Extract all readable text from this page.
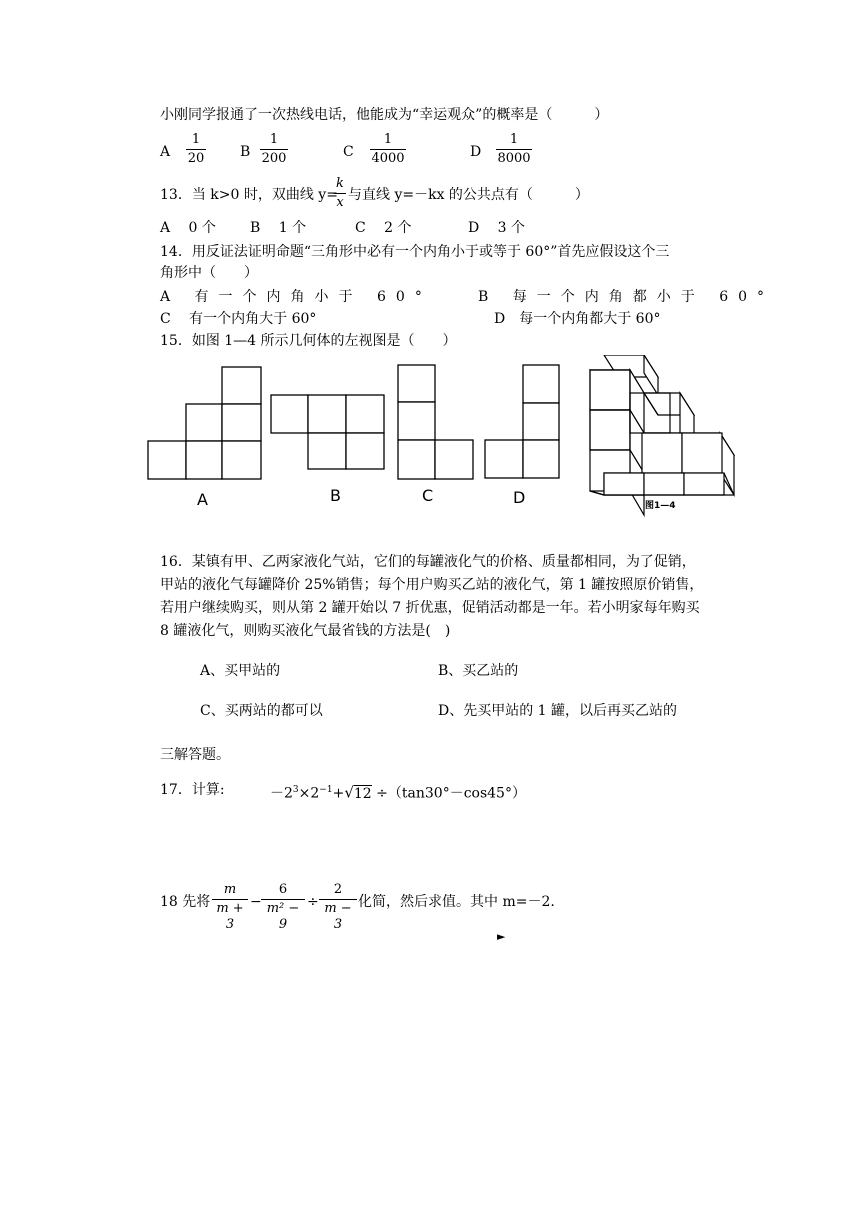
小刚同学报通了一次热线电话，他能成为“幸运观众”的概率是（　　　）
A
1
20	B
1
200	C
1
4000	D
1
8000
13．当 k>0 时，双曲线 y=
k
x 与直线 y=－kx 的公共点有（　　　）
A　 0 个 B　 1 个	C　 2 个	D　 3 个
14．用反证法证明命题“三角形中必有一个内角小于或等于 60°”首先应假设这个三
角形中（　　）
A 有一个内角小于 60°	B 每一个内角都小于 60°
C　 有一个内角大于 60°	D　每一个内角都大于 60°
15．如图 1—4 所示几何体的左视图是（　　）
A	B	C	D	图1—4
16．某镇有甲、乙两家液化气站，它们的每罐液化气的价格、质量都相同，为了促销，
甲站的液化气每罐降价 25%销售；每个用户购买乙站的液化气，第 1 罐按照原价销售，
若用户继续购买，则从第 2 罐开始以 7 折优惠，促销活动都是一年。若小明家每年购买
8 罐液化气，则购买液化气最省钱的方法是(　)
A、买甲站的	B、买乙站的
C、买两站的都可以	D、先买甲站的 1 罐，以后再买乙站的
三解答题。
17．计算:	$-2^3\times 2^{-1}+√12 \div(\tan 30^\circ-\cos 45^\circ)$
18 先将
m
m + 3
−
6
m² − 9
÷
2
m − 3
化简，然后求值。其中 m=－2.
►
